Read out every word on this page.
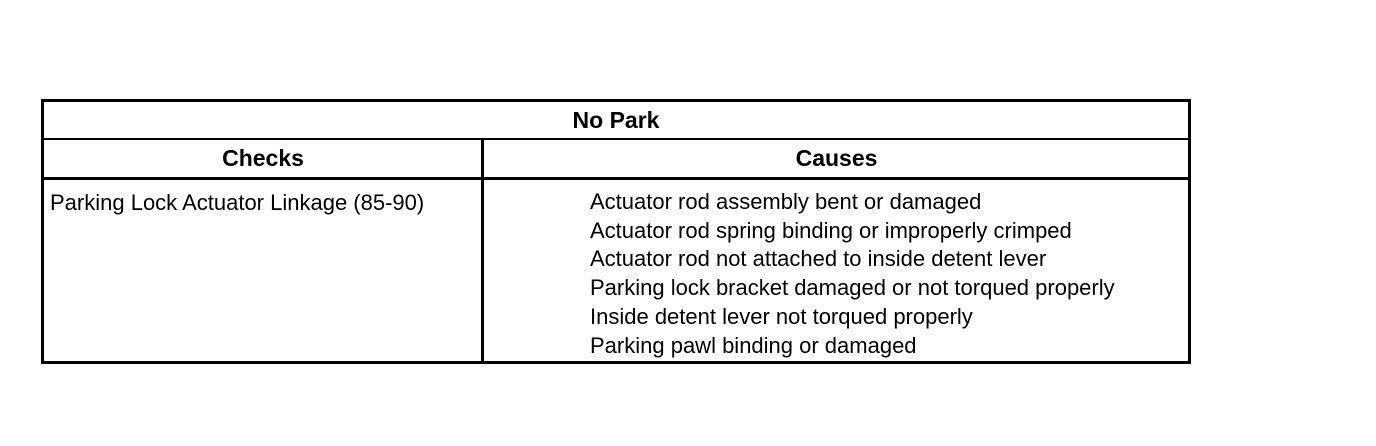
No Park
Checks	Causes
Parking Lock Actuator Linkage (85-90)	Actuator rod assembly bent or damaged
Actuator rod spring binding or improperly crimped
Actuator rod not attached to inside detent lever
Parking lock bracket damaged or not torqued properly
Inside detent lever not torqued properly
Parking pawl binding or damaged
